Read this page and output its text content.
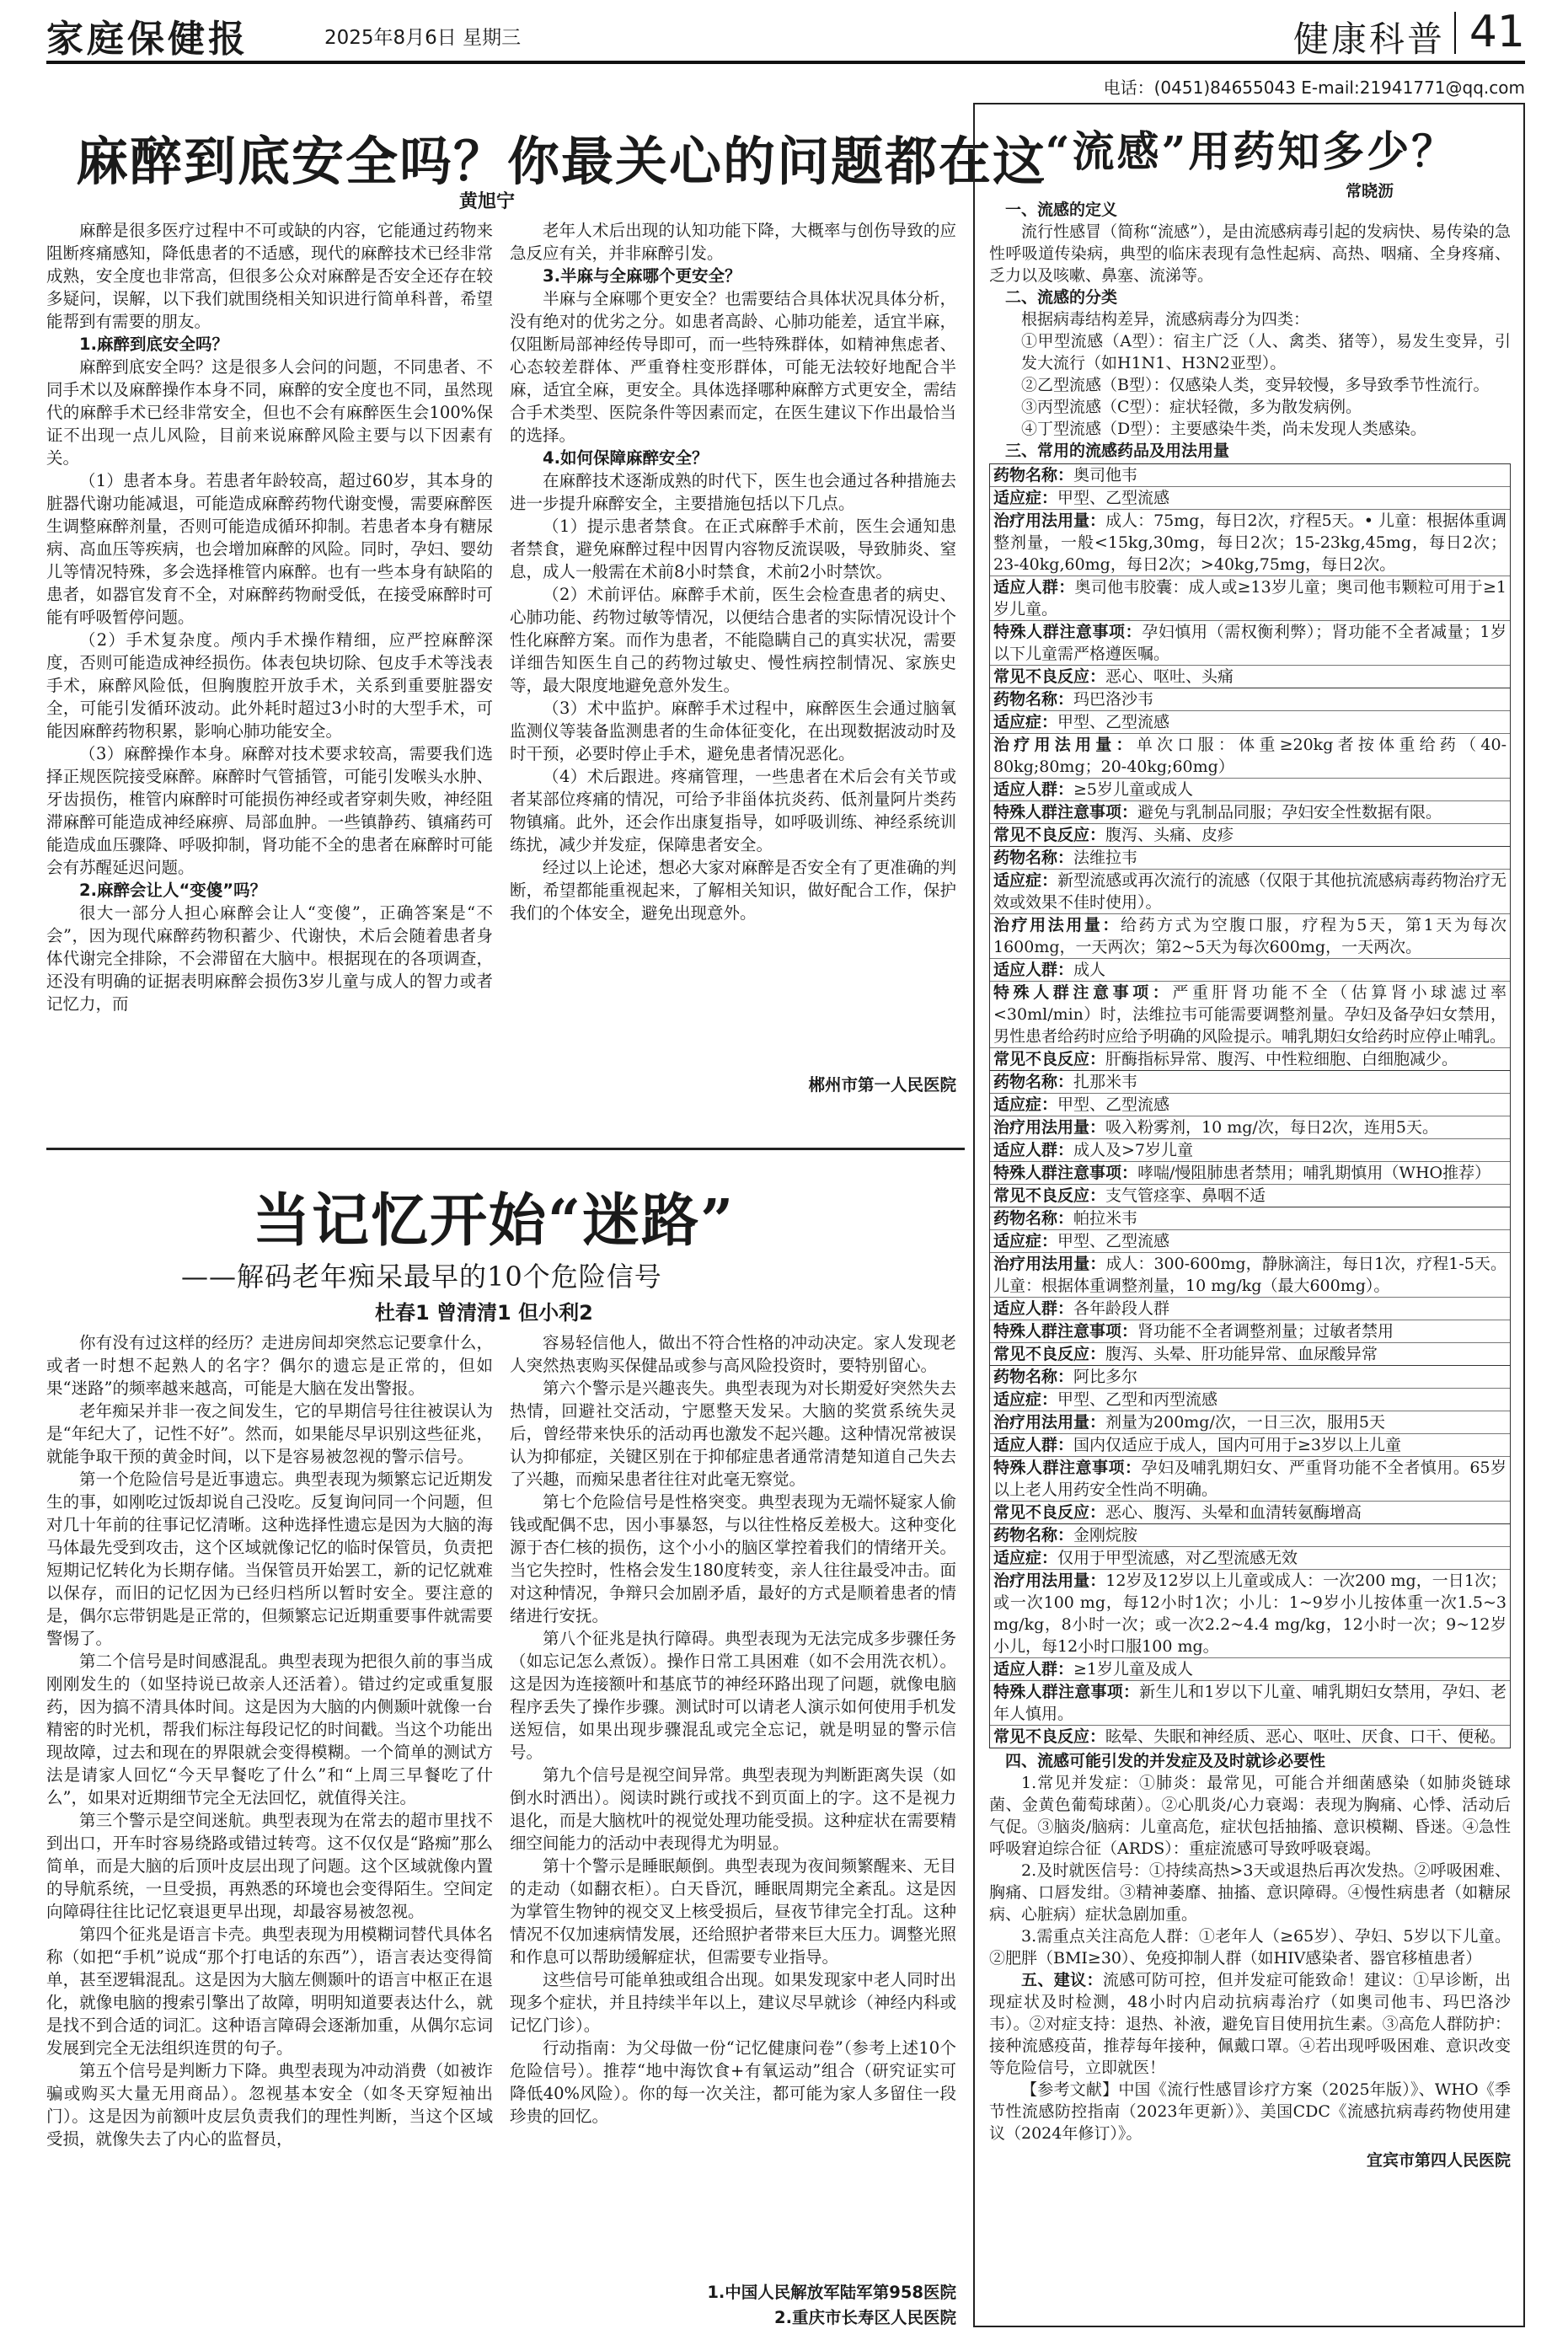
家庭保健报	2025年8月6日 星期三	健康科普 41
电话：(0451)84655043 E-mail:21941771@qq.com
麻醉到底安全吗？你最关心的问题都在这
黄旭宁

麻醉是很多医疗过程中不可或缺的内容，它能通过药物来阻断疼痛感知，降低患者的不适感，现代的麻醉技术已经非常成熟，安全度也非常高，但很多公众对麻醉是否安全还存在较多疑问，误解，以下我们就围绕相关知识进行简单科普，希望能帮到有需要的朋友。

1.麻醉到底安全吗？

麻醉到底安全吗？这是很多人会问的问题，不同患者、不同手术以及麻醉操作本身不同，麻醉的安全度也不同，虽然现代的麻醉手术已经非常安全，但也不会有麻醉医生会100%保证不出现一点儿风险，目前来说麻醉风险主要与以下因素有关。

（1）患者本身。若患者年龄较高，超过60岁，其本身的脏器代谢功能减退，可能造成麻醉药物代谢变慢，需要麻醉医生调整麻醉剂量，否则可能造成循环抑制。若患者本身有糖尿病、高血压等疾病，也会增加麻醉的风险。同时，孕妇、婴幼儿等情况特殊，多会选择椎管内麻醉。也有一些本身有缺陷的患者，如器官发育不全，对麻醉药物耐受低，在接受麻醉时可能有呼吸暂停问题。

（2）手术复杂度。颅内手术操作精细，应严控麻醉深度，否则可能造成神经损伤。体表包块切除、包皮手术等浅表手术，麻醉风险低，但胸腹腔开放手术，关系到重要脏器安全，可能引发循环波动。此外耗时超过3小时的大型手术，可能因麻醉药物积累，影响心肺功能安全。

（3）麻醉操作本身。麻醉对技术要求较高，需要我们选择正规医院接受麻醉。麻醉时气管插管，可能引发喉头水肿、牙齿损伤，椎管内麻醉时可能损伤神经或者穿刺失败，神经阻滞麻醉可能造成神经麻痹、局部血肿。一些镇静药、镇痛药可能造成血压骤降、呼吸抑制，肾功能不全的患者在麻醉时可能会有苏醒延迟问题。

2.麻醉会让人“变傻”吗？

很大一部分人担心麻醉会让人“变傻”，正确答案是“不会”，因为现代麻醉药物积蓄少、代谢快，术后会随着患者身体代谢完全排除，不会滞留在大脑中。根据现在的各项调查，还没有明确的证据表明麻醉会损伤3岁儿童与成人的智力或者记忆力，而

老年人术后出现的认知功能下降，大概率与创伤导致的应急反应有关，并非麻醉引发。

3.半麻与全麻哪个更安全？

半麻与全麻哪个更安全？也需要结合具体状况具体分析，没有绝对的优劣之分。如患者高龄、心肺功能差，适宜半麻，仅阻断局部神经传导即可，而一些特殊群体，如精神焦虑者、心态较差群体、严重脊柱变形群体，可能无法较好地配合半麻，适宜全麻，更安全。具体选择哪种麻醉方式更安全，需结合手术类型、医院条件等因素而定，在医生建议下作出最恰当的选择。

4.如何保障麻醉安全？

在麻醉技术逐渐成熟的时代下，医生也会通过各种措施去进一步提升麻醉安全，主要措施包括以下几点。

（1）提示患者禁食。在正式麻醉手术前，医生会通知患者禁食，避免麻醉过程中因胃内容物反流误吸，导致肺炎、窒息，成人一般需在术前8小时禁食，术前2小时禁饮。

（2）术前评估。麻醉手术前，医生会检查患者的病史、心肺功能、药物过敏等情况，以便结合患者的实际情况设计个性化麻醉方案。而作为患者，不能隐瞒自己的真实状况，需要详细告知医生自己的药物过敏史、慢性病控制情况、家族史等，最大限度地避免意外发生。

（3）术中监护。麻醉手术过程中，麻醉医生会通过脑氧监测仪等装备监测患者的生命体征变化，在出现数据波动时及时干预，必要时停止手术，避免患者情况恶化。

（4）术后跟进。疼痛管理，一些患者在术后会有关节或者某部位疼痛的情况，可给予非甾体抗炎药、低剂量阿片类药物镇痛。此外，还会作出康复指导，如呼吸训练、神经系统训练扰，减少并发症，保障患者安全。

经过以上论述，想必大家对麻醉是否安全有了更准确的判断，希望都能重视起来，了解相关知识，做好配合工作，保护我们的个体安全，避免出现意外。

郴州市第一人民医院
当记忆开始“迷路”
——解码老年痴呆最早的10个危险信号
杜春1 曾清清1 但小利2

你有没有过这样的经历？走进房间却突然忘记要拿什么，或者一时想不起熟人的名字？偶尔的遗忘是正常的，但如果“迷路”的频率越来越高，可能是大脑在发出警报。

老年痴呆并非一夜之间发生，它的早期信号往往被误认为是“年纪大了，记性不好”。然而，如果能尽早识别这些征兆，就能争取干预的黄金时间，以下是容易被忽视的警示信号。

第一个危险信号是近事遗忘。典型表现为频繁忘记近期发生的事，如刚吃过饭却说自己没吃。反复询问同一个问题，但对几十年前的往事记忆清晰。这种选择性遗忘是因为大脑的海马体最先受到攻击，这个区域就像记忆的临时保管员，负责把短期记忆转化为长期存储。当保管员开始罢工，新的记忆就难以保存，而旧的记忆因为已经归档所以暂时安全。要注意的是，偶尔忘带钥匙是正常的，但频繁忘记近期重要事件就需要警惕了。

第二个信号是时间感混乱。典型表现为把很久前的事当成刚刚发生的（如坚持说已故亲人还活着）。错过约定或重复服药，因为搞不清具体时间。这是因为大脑的内侧颞叶就像一台精密的时光机，帮我们标注每段记忆的时间戳。当这个功能出现故障，过去和现在的界限就会变得模糊。一个简单的测试方法是请家人回忆“今天早餐吃了什么”和“上周三早餐吃了什么”，如果对近期细节完全无法回忆，就值得关注。

第三个警示是空间迷航。典型表现为在常去的超市里找不到出口，开车时容易绕路或错过转弯。这不仅仅是“路痴”那么简单，而是大脑的后顶叶皮层出现了问题。这个区域就像内置的导航系统，一旦受损，再熟悉的环境也会变得陌生。空间定向障碍往往比记忆衰退更早出现，却最容易被忽视。

第四个征兆是语言卡壳。典型表现为用模糊词替代具体名称（如把“手机”说成“那个打电话的东西”），语言表达变得简单，甚至逻辑混乱。这是因为大脑左侧颞叶的语言中枢正在退化，就像电脑的搜索引擎出了故障，明明知道要表达什么，就是找不到合适的词汇。这种语言障碍会逐渐加重，从偶尔忘词发展到完全无法组织连贯的句子。

第五个信号是判断力下降。典型表现为冲动消费（如被诈骗或购买大量无用商品）。忽视基本安全（如冬天穿短袖出门）。这是因为前额叶皮层负责我们的理性判断，当这个区域受损，就像失去了内心的监督员，

容易轻信他人，做出不符合性格的冲动决定。家人发现老人突然热衷购买保健品或参与高风险投资时，要特别留心。

第六个警示是兴趣丧失。典型表现为对长期爱好突然失去热情，回避社交活动，宁愿整天发呆。大脑的奖赏系统失灵后，曾经带来快乐的活动再也激发不起兴趣。这种情况常被误认为抑郁症，关键区别在于抑郁症患者通常清楚知道自己失去了兴趣，而痴呆患者往往对此毫无察觉。

第七个危险信号是性格突变。典型表现为无端怀疑家人偷钱或配偶不忠，因小事暴怒，与以往性格反差极大。这种变化源于杏仁核的损伤，这个小小的脑区掌控着我们的情绪开关。当它失控时，性格会发生180度转变，亲人往往最受冲击。面对这种情况，争辩只会加剧矛盾，最好的方式是顺着患者的情绪进行安抚。

第八个征兆是执行障碍。典型表现为无法完成多步骤任务（如忘记怎么煮饭）。操作日常工具困难（如不会用洗衣机）。这是因为连接额叶和基底节的神经环路出现了问题，就像电脑程序丢失了操作步骤。测试时可以请老人演示如何使用手机发送短信，如果出现步骤混乱或完全忘记，就是明显的警示信号。

第九个信号是视空间异常。典型表现为判断距离失误（如倒水时洒出）。阅读时跳行或找不到页面上的字。这不是视力退化，而是大脑枕叶的视觉处理功能受损。这种症状在需要精细空间能力的活动中表现得尤为明显。

第十个警示是睡眠颠倒。典型表现为夜间频繁醒来、无目的走动（如翻衣柜）。白天昏沉，睡眠周期完全紊乱。这是因为掌管生物钟的视交叉上核受损后，昼夜节律完全打乱。这种情况不仅加速病情发展，还给照护者带来巨大压力。调整光照和作息可以帮助缓解症状，但需要专业指导。

这些信号可能单独或组合出现。如果发现家中老人同时出现多个症状，并且持续半年以上，建议尽早就诊（神经内科或记忆门诊）。

行动指南：为父母做一份“记忆健康问卷”（参考上述10个危险信号）。推荐“地中海饮食+有氧运动”组合（研究证实可降低40%风险）。你的每一次关注，都可能为家人多留住一段珍贵的回忆。

1.中国人民解放军陆军第958医院
2.重庆市长寿区人民医院
“流感”用药知多少？
常晓沥
一、流感的定义

流行性感冒（简称“流感”），是由流感病毒引起的发病快、易传染的急性呼吸道传染病，典型的临床表现有急性起病、高热、咽痛、全身疼痛、乏力以及咳嗽、鼻塞、流涕等。

二、流感的分类

根据病毒结构差异，流感病毒分为四类：

①甲型流感（A型）：宿主广泛（人、禽类、猪等），易发生变异，引发大流行（如H1N1、H3N2亚型）。

②乙型流感（B型）：仅感染人类，变异较慢，多导致季节性流行。

③丙型流感（C型）：症状轻微，多为散发病例。

④丁型流感（D型）：主要感染牛类，尚未发现人类感染。

三、常用的流感药品及用法用量
药物名称：奥司他韦
适应症：甲型、乙型流感
治疗用法用量：成人：75mg，每日2次，疗程5天。• 儿童：根据体重调整剂量，一般<15kg,30mg，每日2次；15-23kg,45mg，每日2次；23-40kg,60mg，每日2次；>40kg,75mg，每日2次。
适应人群：奥司他韦胶囊：成人或≥13岁儿童；奥司他韦颗粒可用于≥1岁儿童。
特殊人群注意事项：孕妇慎用（需权衡利弊）；肾功能不全者减量；1岁以下儿童需严格遵医嘱。
常见不良反应：恶心、呕吐、头痛
药物名称：玛巴洛沙韦
适应症：甲型、乙型流感
治疗用法用量：单次口服：体重≥20kg者按体重给药（40-80kg;80mg；20-40kg;60mg）
适应人群：≥5岁儿童或成人
特殊人群注意事项：避免与乳制品同服；孕妇安全性数据有限。
常见不良反应：腹泻、头痛、皮疹
药物名称：法维拉韦
适应症：新型流感或再次流行的流感（仅限于其他抗流感病毒药物治疗无效或效果不佳时使用）。
治疗用法用量：给药方式为空腹口服，疗程为5天，第1天为每次1600mg，一天两次；第2~5天为每次600mg，一天两次。
适应人群：成人
特殊人群注意事项：严重肝肾功能不全（估算肾小球滤过率<30ml/min）时，法维拉韦可能需要调整剂量。孕妇及备孕妇女禁用，男性患者给药时应给予明确的风险提示。哺乳期妇女给药时应停止哺乳。
常见不良反应：肝酶指标异常、腹泻、中性粒细胞、白细胞减少。
药物名称：扎那米韦
适应症：甲型、乙型流感
治疗用法用量：吸入粉雾剂，10 mg/次，每日2次，连用5天。
适应人群：成人及>7岁儿童
特殊人群注意事项：哮喘/慢阻肺患者禁用；哺乳期慎用（WHO推荐）
常见不良反应：支气管痉挛、鼻咽不适
药物名称：帕拉米韦
适应症：甲型、乙型流感
治疗用法用量：成人：300-600mg，静脉滴注，每日1次，疗程1-5天。儿童：根据体重调整剂量，10 mg/kg（最大600mg）。
适应人群：各年龄段人群
特殊人群注意事项：肾功能不全者调整剂量；过敏者禁用
常见不良反应：腹泻、头晕、肝功能异常、血尿酸异常
药物名称：阿比多尔
适应症：甲型、乙型和丙型流感
治疗用法用量：剂量为200mg/次，一日三次，服用5天
适应人群：国内仅适应于成人，国内可用于≥3岁以上儿童
特殊人群注意事项：孕妇及哺乳期妇女、严重肾功能不全者慎用。65岁以上老人用药安全性尚不明确。
常见不良反应：恶心、腹泻、头晕和血清转氨酶增高
药物名称：金刚烷胺
适应症：仅用于甲型流感，对乙型流感无效
治疗用法用量：12岁及12岁以上儿童或成人：一次200 mg，一日1次；或一次100 mg，每12小时1次；小儿：1~9岁小儿按体重一次1.5~3 mg/kg，8小时一次；或一次2.2~4.4 mg/kg，12小时一次；9~12岁小儿，每12小时口服100 mg。
适应人群：≥1岁儿童及成人
特殊人群注意事项：新生儿和1岁以下儿童、哺乳期妇女禁用，孕妇、老年人慎用。
常见不良反应：眩晕、失眠和神经质、恶心、呕吐、厌食、口干、便秘。
四、流感可能引发的并发症及及时就诊必要性

1.常见并发症：①肺炎：最常见，可能合并细菌感染（如肺炎链球菌、金黄色葡萄球菌）。②心肌炎/心力衰竭：表现为胸痛、心悸、活动后气促。③脑炎/脑病：儿童高危，症状包括抽搐、意识模糊、昏迷。④急性呼吸窘迫综合征（ARDS）：重症流感可导致呼吸衰竭。

2.及时就医信号：①持续高热>3天或退热后再次发热。②呼吸困难、胸痛、口唇发绀。③精神萎靡、抽搐、意识障碍。④慢性病患者（如糖尿病、心脏病）症状急剧加重。

3.需重点关注高危人群：①老年人（≥65岁）、孕妇、5岁以下儿童。②肥胖（BMI≥30）、免疫抑制人群（如HIV感染者、器官移植患者）

五、建议：流感可防可控，但并发症可能致命！建议：①早诊断，出现症状及时检测，48小时内启动抗病毒治疗（如奥司他韦、玛巴洛沙韦）。②对症支持：退热、补液，避免盲目使用抗生素。③高危人群防护：接种流感疫苗，推荐每年接种，佩戴口罩。④若出现呼吸困难、意识改变等危险信号，立即就医！

【参考文献】中国《流行性感冒诊疗方案（2025年版）》、WHO《季节性流感防控指南（2023年更新）》、美国CDC《流感抗病毒药物使用建议（2024年修订）》。

宜宾市第四人民医院
